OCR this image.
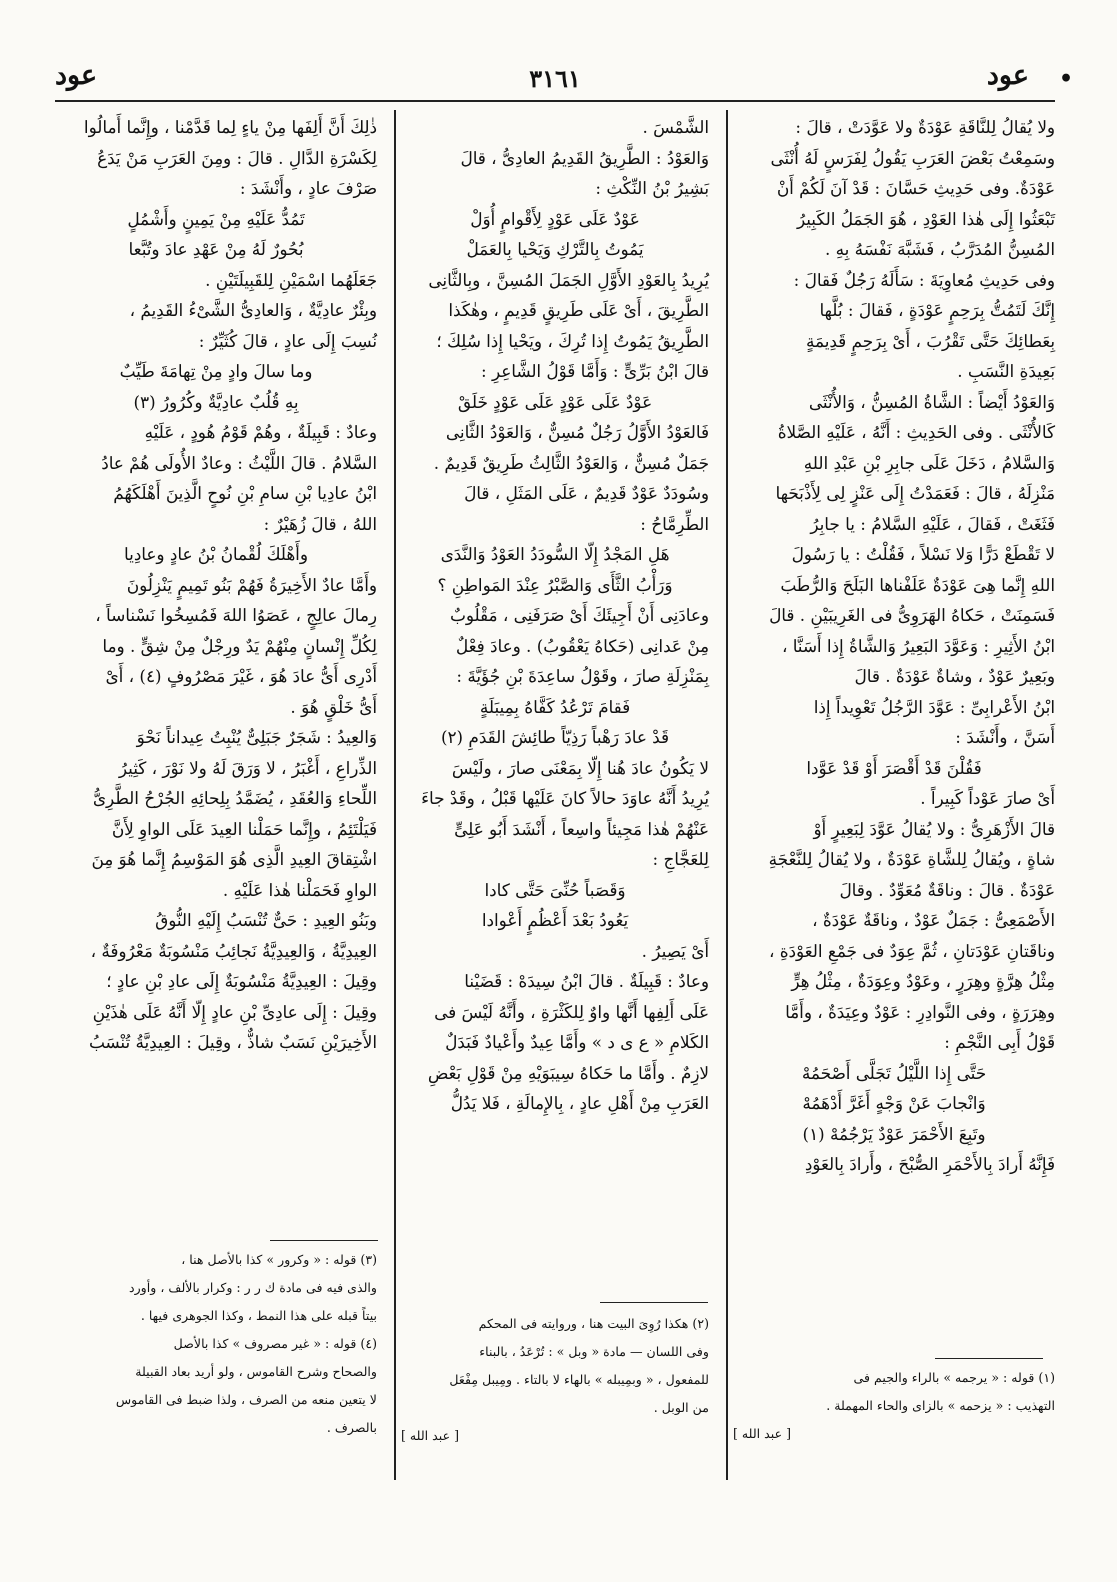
عود •
٣١٦١
عود

ولا يُقالُ لِلنَّاقَةِ عَوْدَةٌ ولا عَوَّدَتْ ، قالَ :

وسَمِعْتُ بَعْضَ العَرَبِ يَقُولُ لِفَرَسٍ لَهُ أُنْثَى

عَوْدَةٌ. وفى حَدِيثِ حَسَّانَ : قَدْ آنَ لَكُمْ أَنْ

تَبْعَثُوا إِلَى هٰذا العَوْدِ ، هُوَ الجَمَلُ الكَبِيرُ

المُسِنُّ المُدَرَّبُ ، فَشَبَّهَ نَفْسَهُ بِهِ .

وفى حَدِيثِ مُعاوِيَةَ : سَأَلَهُ رَجُلٌ فَقالَ :

إِنَّكَ لَتَمُتُّ بِرَحِمٍ عَوْدَةٍ ، فَقالَ : بُلَّها

بِعَطائِكَ حَتَّى تَقْرُبَ ، أَىْ بِرَحِمٍ قَدِيمَةٍ

بَعِيدَةِ النَّسَبِ .

وَالعَوْدُ أَيْضاً : الشَّاةُ المُسِنُّ ، وَالأُنْثَى

كَالأُنْثَى . وفى الحَدِيثِ : أَنَّهُ ، عَلَيْهِ الصَّلاةُ

وَالسَّلامُ ، دَخَلَ عَلَى جابِرِ بْنِ عَبْدِ اللهِ

مَنْزِلَهُ ، قالَ : فَعَمَدْتُ إِلَى عَنْزٍ لِى لِأَذْبَحَها

فَثَغَتْ ، فَقالَ ، عَلَيْهِ السَّلامُ : يا جابِرُ

لا تَقْطَعْ دَرًّا وَلا نَسْلاً ، فَقُلْتُ : يا رَسُولَ

اللهِ إِنَّما هِىَ عَوْدَةٌ عَلَفْناها البَلَحَ وَالرُّطَبَ

فَسَمِنَتْ ، حَكاهُ الهَرَوِىُّ فى الغَرِيبَيْنِ . قالَ

ابْنُ الأَثِيرِ : وَعَوَّدَ البَعِيرُ وَالشَّاةُ إِذا أَسَنَّا ،

وبَعِيرٌ عَوْدٌ ، وشاةٌ عَوْدَةٌ . قالَ

ابْنُ الأَعْرابِىِّ : عَوَّدَ الرَّجُلُ تَعْوِيداً إِذا

أَسَنَّ ، وأَنْشَدَ :

فَقُلْنَ قَدْ أَقْصَرَ أَوْ قَدْ عَوَّدا

أَىْ صارَ عَوْداً كَبِيراً .

قالَ الأَزْهَرِىُّ : ولا يُقالُ عَوَّدَ لِبَعِيرٍ أَوْ

شاةٍ ، ويُقالُ لِلشَّاةِ عَوْدَةٌ ، ولا يُقالُ لِلنَّعْجَةِ

عَوْدَةٌ . قالَ : وناقَةٌ مُعَوِّدٌ . وقالَ

الأَصْمَعِىُّ : جَمَلٌ عَوْدٌ ، وناقَةٌ عَوْدَةٌ ،

وناقَتانِ عَوْدَتانِ ، ثُمَّ عِوَدٌ فى جَمْعِ العَوْدَةِ ،

مِثْلُ هِرَّةٍ وهِرَرٍ ، وعَوْدٌ وعِوَدَةٌ ، مِثْلُ هِرٍّ

وهِرَرَةٍ ، وفى النَّوادِرِ : عَوْدٌ وعِيَدَةٌ ، وأَمَّا

قَوْلُ أَبِى النَّجْمِ :

حَتَّى إِذا اللَّيْلُ تَجَلَّى أَصْحَمُهْ

وَانْجابَ عَنْ وَجْهٍ أَغَرَّ أَدْهَمُهْ

وتَبِعَ الأَحْمَرَ عَوْدٌ يَرْجُمُهْ (١)

فَإِنَّهُ أَرادَ بِالأَحْمَرِ الصُّبْحَ ، وأَرادَ بِالعَوْدِ

الشَّمْسَ .

وَالعَوْدُ : الطَّرِيقُ القَدِيمُ العادِىُّ ، قالَ

بَشِيرُ بْنُ النِّكْثِ :

عَوْدٌ عَلَى عَوْدٍ لِأَقْوامٍ أُوَلْ

يَمُوتُ بِالتَّرْكِ وَيَحْيا بِالعَمَلْ

يُرِيدُ بِالعَوْدِ الأَوَّلِ الجَمَلَ المُسِنَّ ، وبِالثَّانِى

الطَّرِيقَ ، أَىْ عَلَى طَرِيقٍ قَدِيمٍ ، وهٰكَذا

الطَّرِيقُ يَمُوتُ إِذا تُرِكَ ، ويَحْيا إِذا سُلِكَ ؛

قالَ ابْنُ بَرِّىٍّ : وَأَمَّا قَوْلُ الشَّاعِرِ :

عَوْدٌ عَلَى عَوْدٍ عَلَى عَوْدٍ خَلَقْ

فَالعَوْدُ الأَوَّلُ رَجُلٌ مُسِنٌّ ، وَالعَوْدُ الثَّانِى

جَمَلٌ مُسِنٌّ ، وَالعَوْدُ الثَّالِثُ طَرِيقٌ قَدِيمٌ .

وسُودَدٌ عَوْدٌ قَدِيمٌ ، عَلَى المَثَلِ ، قالَ

الطِّرِمَّاحُ :

هَلِ المَجْدُ إِلّا السُّودَدُ العَوْدُ وَالنَّدَى

وَرَأْبُ الثَّأَى وَالصَّبْرُ عِنْدَ المَواطِنِ ؟

وعادَنِى أَنْ أَجِيئَكَ أَىْ صَرَفَنِى ، مَقْلُوبٌ

مِنْ عَدانِى (حَكاهُ يَعْقُوبُ) . وعادَ فِعْلٌ

بِمَنْزِلَةِ صارَ ، وقَوْلُ ساعِدَةَ بْنِ جُؤَيَّةَ :

فَقامَ تَرْعُدُ كَفَّاهُ بِمِيبَلَةٍ

قَدْ عادَ رَهْباً رَذِيّاً طائِشَ القَدَمِ (٢)

لا يَكُونُ عادَ هُنا إِلّا بِمَعْنَى صارَ ، ولَيْسَ

يُرِيدُ أَنَّهُ عاوَدَ حالاً كانَ عَلَيْها قَبْلُ ، وقَدْ جاءَ

عَنْهُمْ هٰذا مَجِيئاً واسِعاً ، أَنْشَدَ أَبُو عَلِىٍّ

لِلعَجَّاجِ :

وَقَصَباً حُنِّىَ حَتَّى كادا

يَعُودُ بَعْدَ أَعْظُمٍ أَعْوادا

أَىْ يَصِيرُ .

وعادٌ : قَبِيلَةٌ . قالَ ابْنُ سِيدَهْ : قَضَيْنا

عَلَى أَلِفِها أَنَّها واوٌ لِلكَثْرَةِ ، وأَنَّهُ لَيْسَ فى

الكَلامِ « ع ى د » وأَمَّا عِيدٌ وأَعْيادٌ فَبَدَلٌ

لازِمٌ . وأَمَّا ما حَكاهُ سِيبَوَيْهِ مِنْ قَوْلِ بَعْضِ

العَرَبِ مِنْ أَهْلِ عادٍ ، بِالإِمالَةِ ، فَلا يَدُلُّ

ذٰلِكَ أَنَّ أَلِفَها مِنْ ياءٍ لِما قَدَّمْنا ، وإِنَّما أَمالُوا

لِكَسْرَةِ الدَّالِ . قالَ : ومِنَ العَرَبِ مَنْ يَدَعُ

صَرْفَ عادٍ ، وأَنْشَدَ :

تَمُدُّ عَلَيْهِ مِنْ يَمِينٍ وأَشْمُلٍ

بُحُورٌ لَهُ مِنْ عَهْدِ عادَ وتُبَّعا

جَعَلَهُما اسْمَيْنِ لِلقَبِيلَتَيْنِ .

وبِئْرٌ عادِيَّةٌ ، وَالعادِىُّ الشَّىْءُ القَدِيمُ ،

نُسِبَ إِلَى عادٍ ، قالَ كُثَيِّرٌ :

وما سالَ وادٍ مِنْ تِهامَةَ طَيِّبٌ

بِهِ قُلُبٌ عادِيَّةٌ وكُرُورُ (٣)

وعادٌ : قَبِيلَةٌ ، وهُمْ قَوْمُ هُودٍ ، عَلَيْهِ

السَّلامُ . قالَ اللَّيْثُ : وعادٌ الأُولَى هُمْ عادُ

ابْنُ عادِيا بْنِ سامِ بْنِ نُوحٍ الَّذِينَ أَهْلَكَهُمُ

اللهُ ، قالَ زُهَيْرٌ :

وأَهْلَكَ لُقْمانُ بْنُ عادٍ وعادِيا

وأَمَّا عادٌ الأَخِيرَةُ فَهُمْ بَنُو تَمِيمٍ يَنْزِلُونَ

رِمالَ عالِجٍ ، عَصَوُا اللهَ فَمُسِخُوا نَسْناساً ،

لِكُلِّ إِنْسانٍ مِنْهُمْ يَدٌ ورِجْلٌ مِنْ شِقٍّ . وما

أَدْرِى أَىُّ عادَ هُوَ ، غَيْرَ مَصْرُوفٍ (٤) ، أَىْ

أَىُّ خَلْقٍ هُوَ .

وَالعِيدُ : شَجَرٌ جَبَلِىٌّ يُنْبِتُ عِيداناً نَحْوَ

الذِّراعِ ، أَغْبَرُ ، لا وَرَقَ لَهُ ولا نَوْرَ ، كَثِيرُ

اللِّحاءِ وَالعُقَدِ ، يُضَمَّدُ بِلِحائِهِ الجُرْحُ الطَّرِىُّ

فَيَلْتَئِمُ ، وإِنَّما حَمَلْنا العِيدَ عَلَى الواوِ لِأَنَّ

اشْتِقاقَ العِيدِ الَّذِى هُوَ المَوْسِمُ إِنَّما هُوَ مِنَ

الواوِ فَحَمَلْنا هٰذا عَلَيْهِ .

وبَنُو العِيدِ : حَىٌّ تُنْسَبُ إِلَيْهِ النُّوقُ

العِيدِيَّةُ ، وَالعِيدِيَّةُ نَجائِبُ مَنْسُوبَةٌ مَعْرُوفَةٌ ،

وقِيلَ : العِيدِيَّةُ مَنْسُوبَةٌ إِلَى عادِ بْنِ عادٍ ؛

وقِيلَ : إِلَى عادِىِّ بْنِ عادٍ إِلّا أَنَّهُ عَلَى هٰذَيْنِ

الأَخِيرَيْنِ نَسَبٌ شاذٌّ ، وقِيلَ : العِيدِيَّةُ تُنْسَبُ

(١) قوله : « يرجمه » بالراء والجيم فى

التهذيب : « يزحمه » بالزاى والحاء المهملة .

[ عبد الله ]

(٢) هكذا رُوِىَ البيت هنا ، وروايته فى المحكم

وفى اللسان — مادة « وبل » : تُرْعَدُ ، بالبناء

للمفعول ، « وبمِيبله » بالهاء لا بالتاء . ومِيبل مِفْعَل

من الوبل .

[ عبد الله ]

(٣) قوله : « وكرور » كذا بالأصل هنا ،

والذى فيه فى مادة ك ر ر : وكرار بالألف ، وأورد

بيتاً قبله على هذا النمط ، وكذا الجوهرى فيها .

(٤) قوله : « غير مصروف » كذا بالأصل

والصحاح وشرح القاموس ، ولو أريد بعاد القبيلة

لا يتعين منعه من الصرف ، ولذا ضبط فى القاموس

بالصرف .
